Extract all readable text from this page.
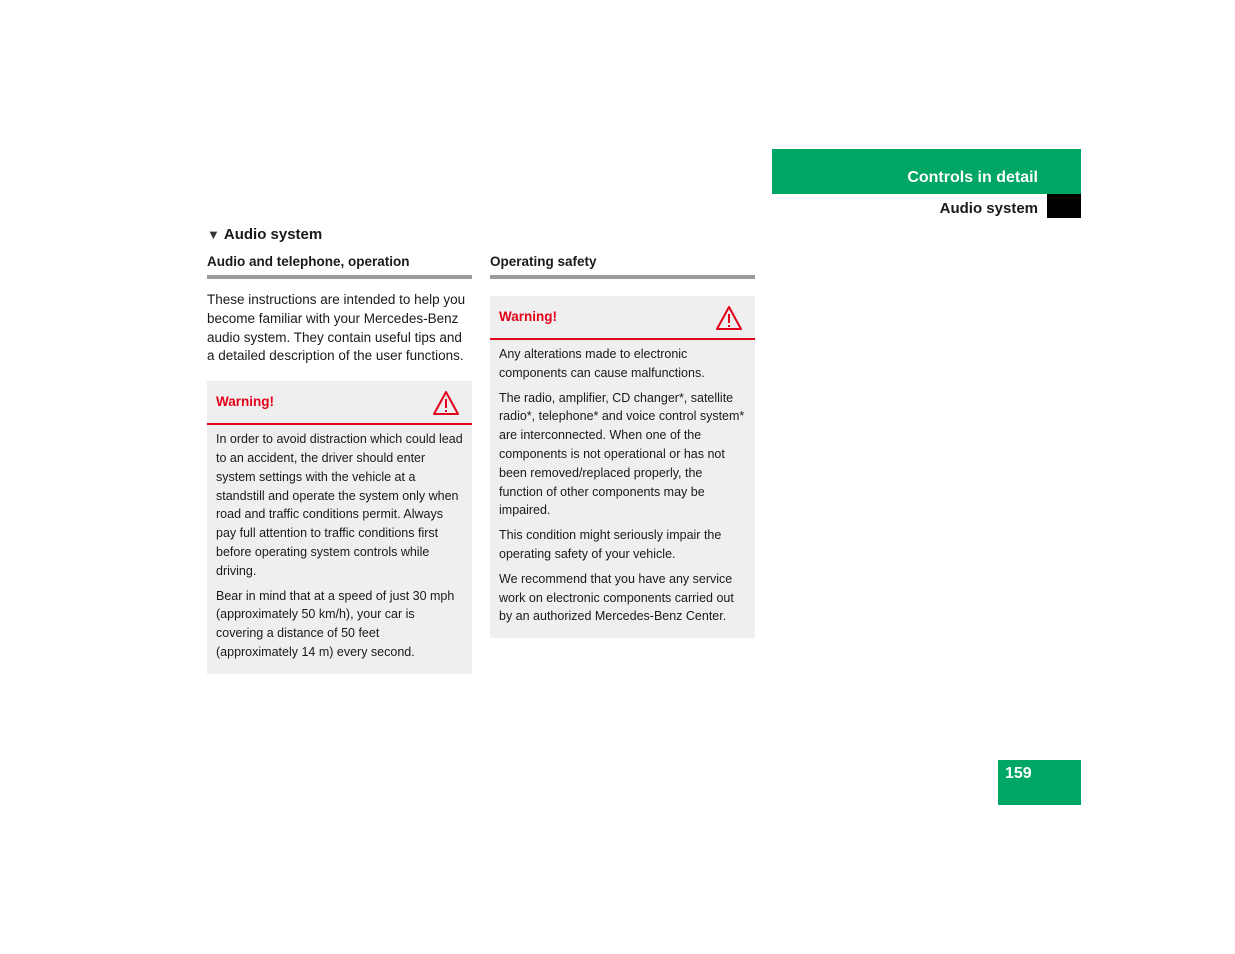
Controls in detail
Audio system
▼ Audio system
Audio and telephone, operation
These instructions are intended to help you become familiar with your Mercedes-Benz audio system. They contain useful tips and a detailed description of the user functions.
Warning!

In order to avoid distraction which could lead to an accident, the driver should enter system settings with the vehicle at a standstill and operate the system only when road and traffic conditions permit. Always pay full attention to traffic conditions first before operating system controls while driving.

Bear in mind that at a speed of just 30 mph (approximately 50 km/h), your car is covering a distance of 50 feet (approximately 14 m) every second.

Operating safety
Warning!

Any alterations made to electronic components can cause malfunctions.

The radio, amplifier, CD changer*, satellite radio*, telephone* and voice control system* are interconnected. When one of the components is not operational or has not been removed/replaced properly, the function of other components may be impaired.

This condition might seriously impair the operating safety of your vehicle.

We recommend that you have any service work on electronic components carried out by an authorized Mercedes-Benz Center.

159
